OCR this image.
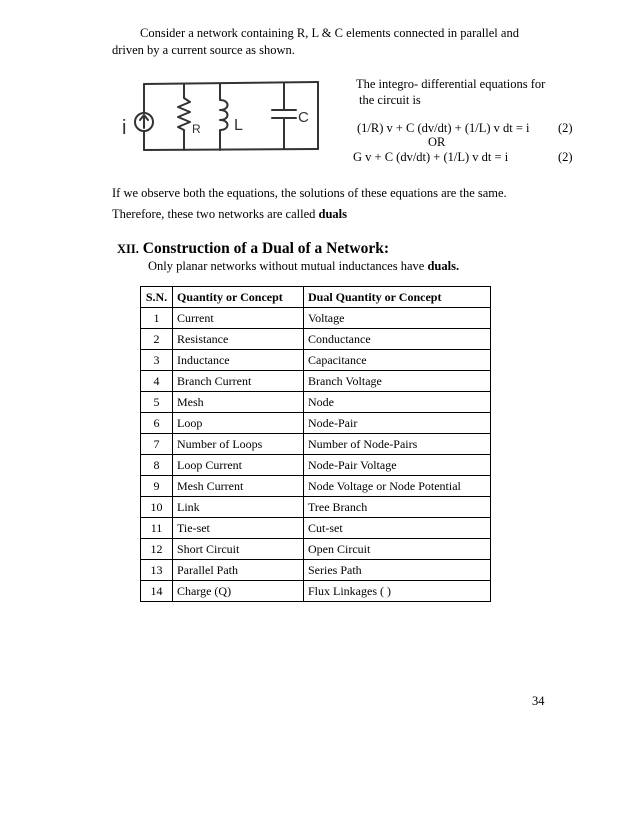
Consider a network containing R, L & C elements connected in parallel and
driven by a current source as shown.
i	R L	C
The integro- differential equations for
the circuit is
(1/R) v + C (dv/dt) + (1/L) v dt = i (2)
OR
G v + C (dv/dt) + (1/L) v dt = i	(2)
If we observe both the equations, the solutions of these equations are the same.
Therefore, these two networks are called duals
XII. Construction of a Dual of a Network:
Only planar networks without mutual inductances have duals.
S.N.	Quantity or Concept	Dual Quantity or Concept
1	Current	Voltage
2	Resistance	Conductance
3	Inductance	Capacitance
4	Branch Current	Branch Voltage
5	Mesh	Node
6	Loop	Node-Pair
7	Number of Loops	Number of Node-Pairs
8	Loop Current	Node-Pair Voltage
9	Mesh Current	Node Voltage or Node Potential
10	Link	Tree Branch
11	Tie-set	Cut-set
12	Short Circuit	Open Circuit
13	Parallel Path	Series Path
14	Charge (Q)	Flux Linkages ( )
34
